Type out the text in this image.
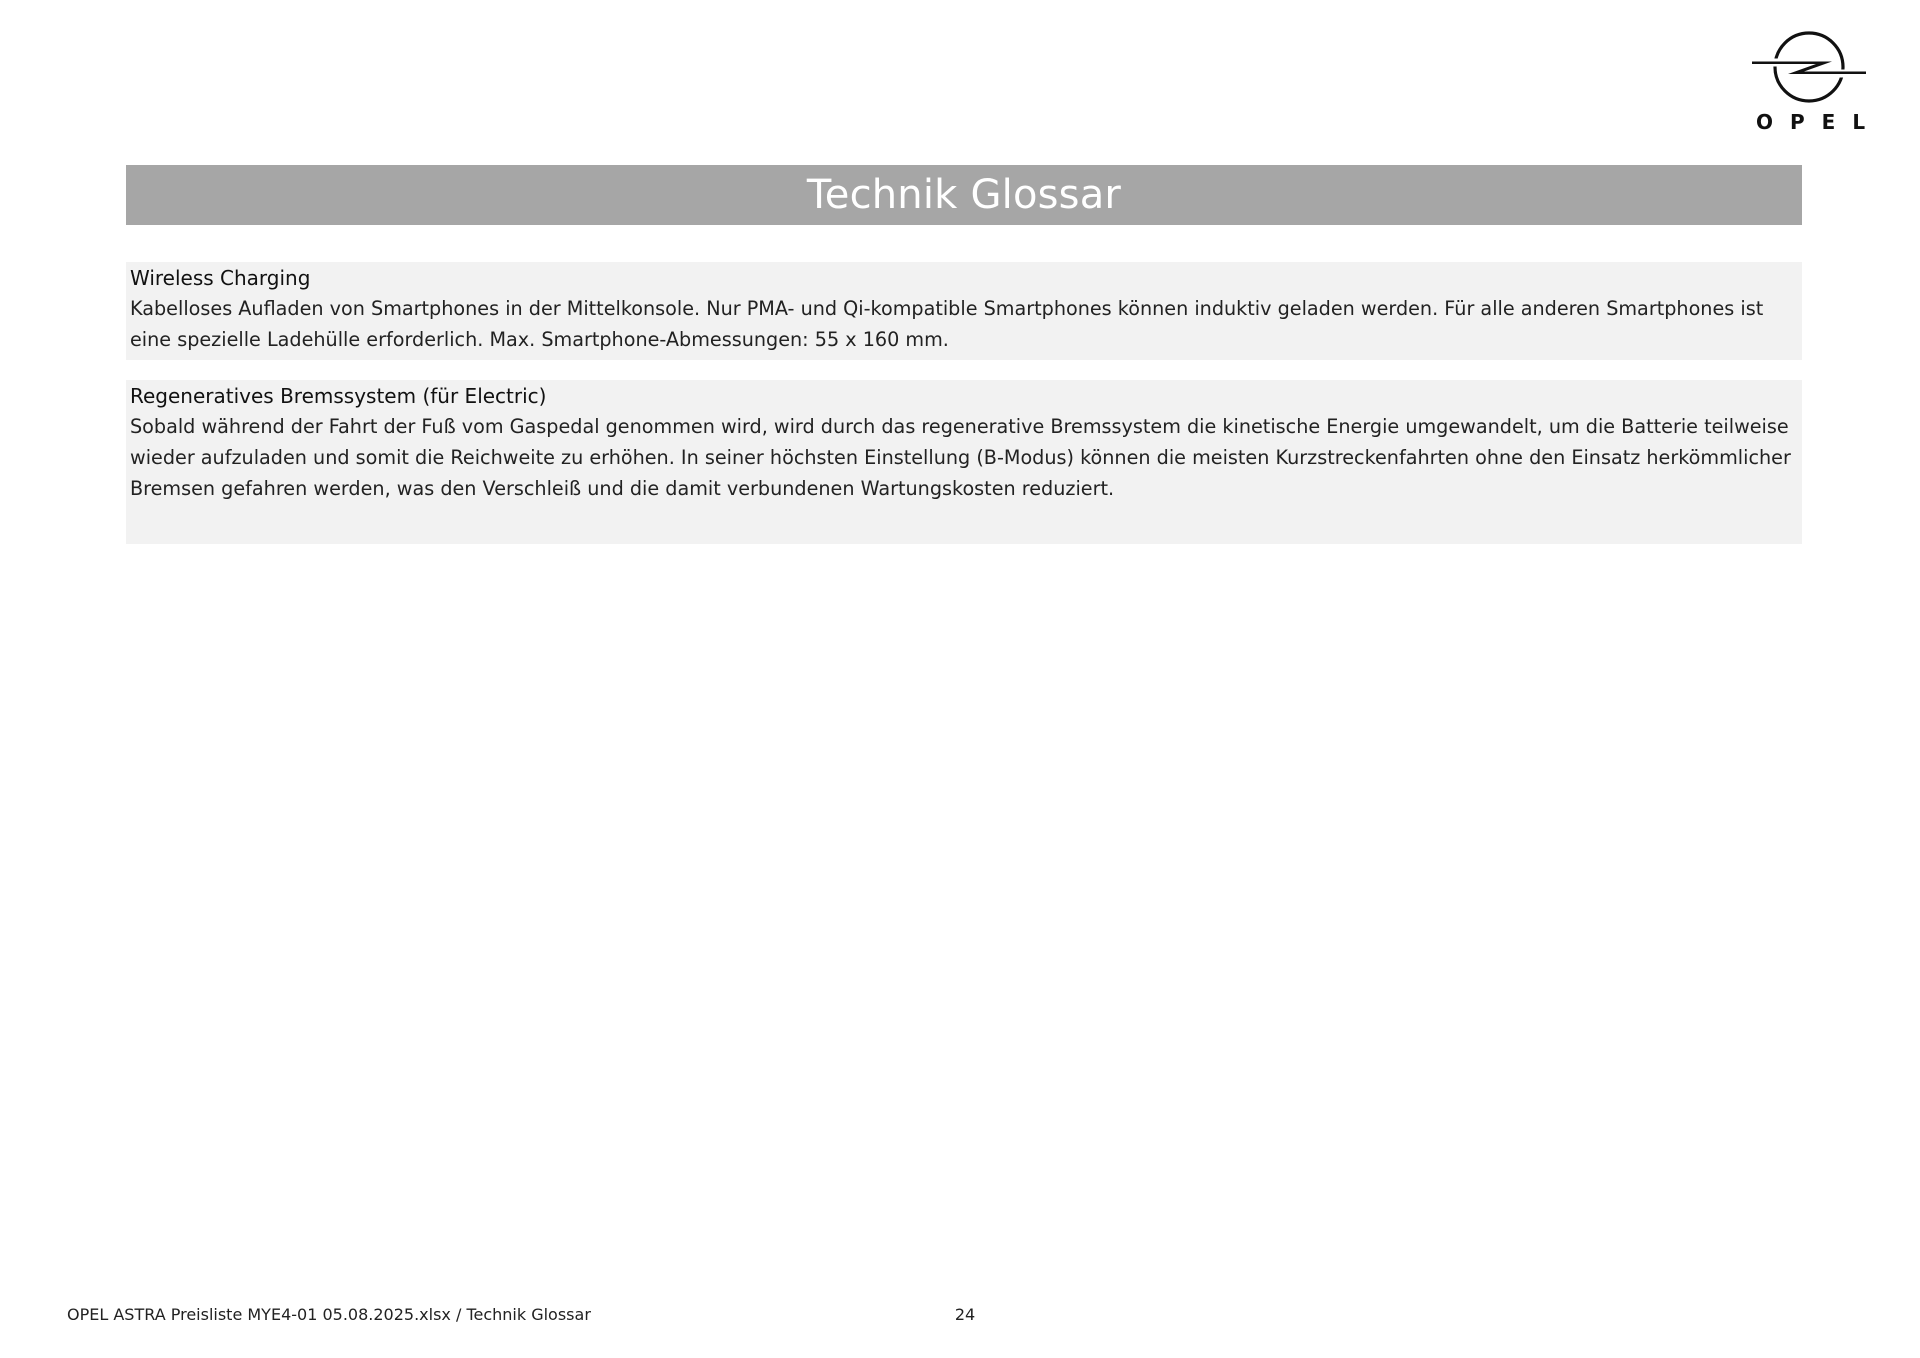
OPEL
Technik Glossar

Wireless Charging

Kabelloses Aufladen von Smartphones in der Mittelkonsole. Nur PMA- und Qi-kompatible Smartphones können induktiv geladen werden. Für alle anderen Smartphones ist eine spezielle Ladehülle erforderlich. Max. Smartphone-Abmessungen: 55 x 160 mm.

Regeneratives Bremssystem (für Electric)

Sobald während der Fahrt der Fuß vom Gaspedal genommen wird, wird durch das regenerative Bremssystem die kinetische Energie umgewandelt, um die Batterie teilweise wieder aufzuladen und somit die Reichweite zu erhöhen. In seiner höchsten Einstellung (B-Modus) können die meisten Kurzstreckenfahrten ohne den Einsatz herkömmlicher Bremsen gefahren werden, was den Verschleiß und die damit verbundenen Wartungskosten reduziert.

OPEL ASTRA Preisliste MYE4-01 05.08.2025.xlsx / Technik Glossar	24
